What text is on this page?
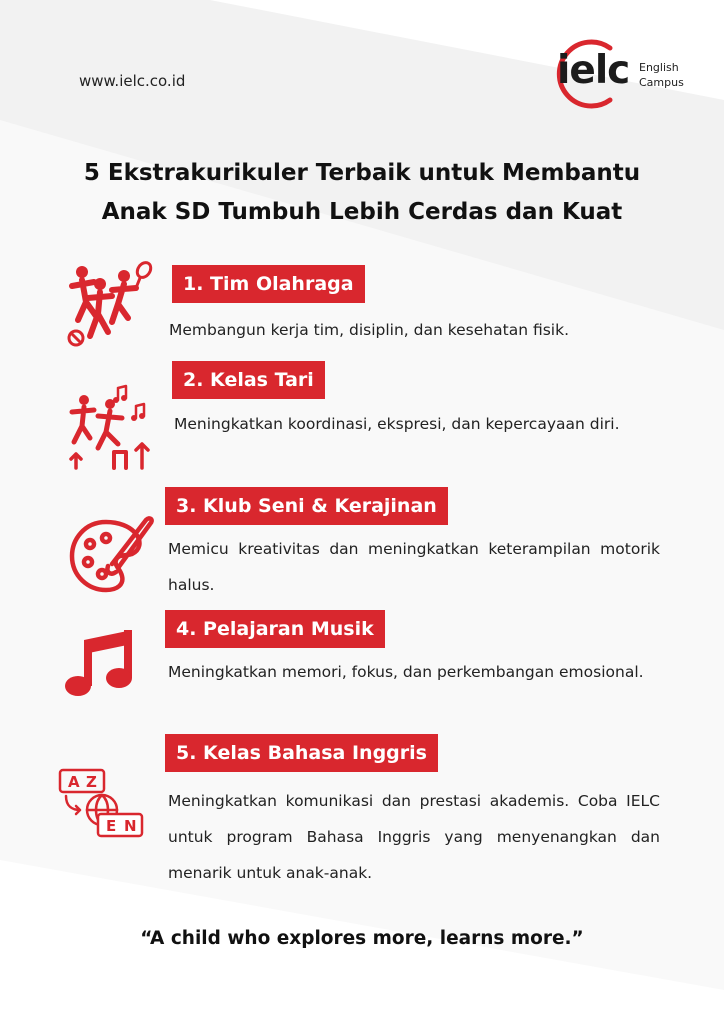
www.ielc.co.id	ielc English
Campus
5 Ekstrakurikuler Terbaik untuk Membantu
Anak SD Tumbuh Lebih Cerdas dan Kuat
1. Tim Olahraga
Membangun kerja tim, disiplin, dan kesehatan fisik.
2. Kelas Tari
Meningkatkan koordinasi, ekspresi, dan kepercayaan diri.
3. Klub Seni & Kerajinan
Memicu kreativitas dan meningkatkan keterampilan motorik halus.
4. Pelajaran Musik
Meningkatkan memori, fokus, dan perkembangan emosional.
A Z
E N
5. Kelas Bahasa Inggris
Meningkatkan komunikasi dan prestasi akademis. Coba IELC untuk program Bahasa Inggris yang menyenangkan dan menarik untuk anak-anak.
“A child who explores more, learns more.”
